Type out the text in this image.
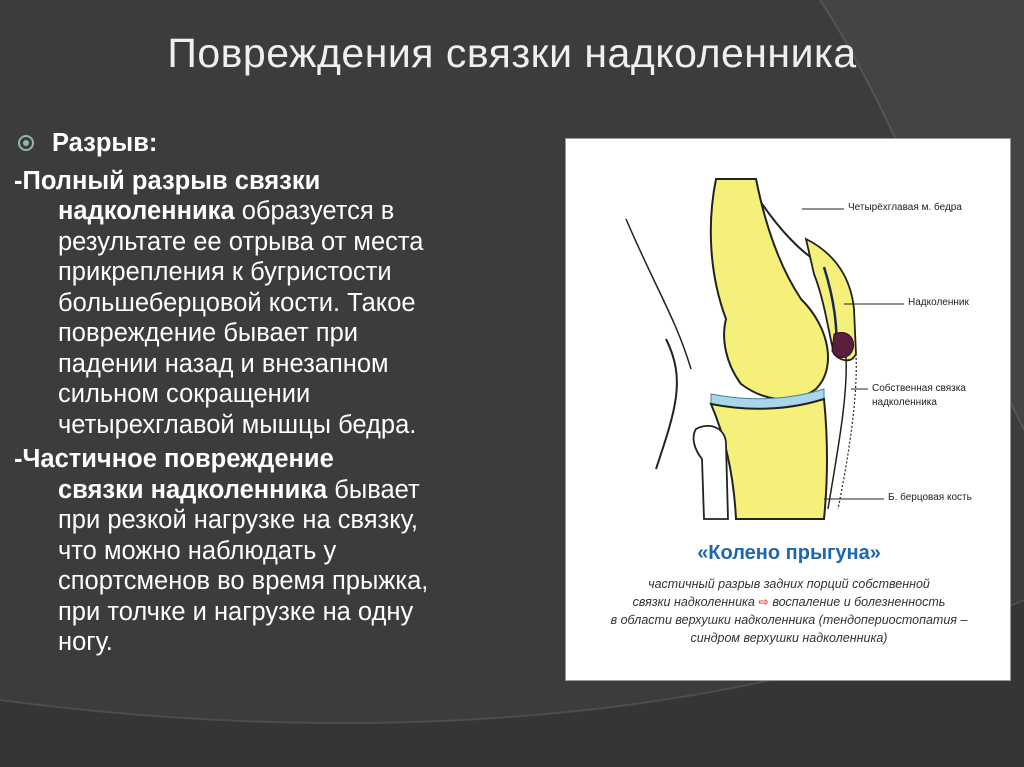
Повреждения связки надколенника
Разрыв:
-Полный разрыв связки
надколенника образуется в
результате ее отрыва от места
прикрепления к бугристости
большеберцовой кости. Такое
повреждение бывает при
падении назад и внезапном
сильном сокращении
четырехглавой мышцы бедра.
-Частичное повреждение
связки надколенника бывает
при резкой нагрузке на связку,
что можно наблюдать у
спортсменов во время прыжка,
при толчке и нагрузке на одну
ногу.
Четырёхглавая м. бедра
Надколенник
Собственная связка
надколенника
Б. берцовая кость
«Колено прыгуна»
частичный разрыв задних порций собственной
связки надколенника ⇨ воспаление и болезненность
в области верхушки надколенника (тендопериостопатия –
синдром верхушки надколенника)
